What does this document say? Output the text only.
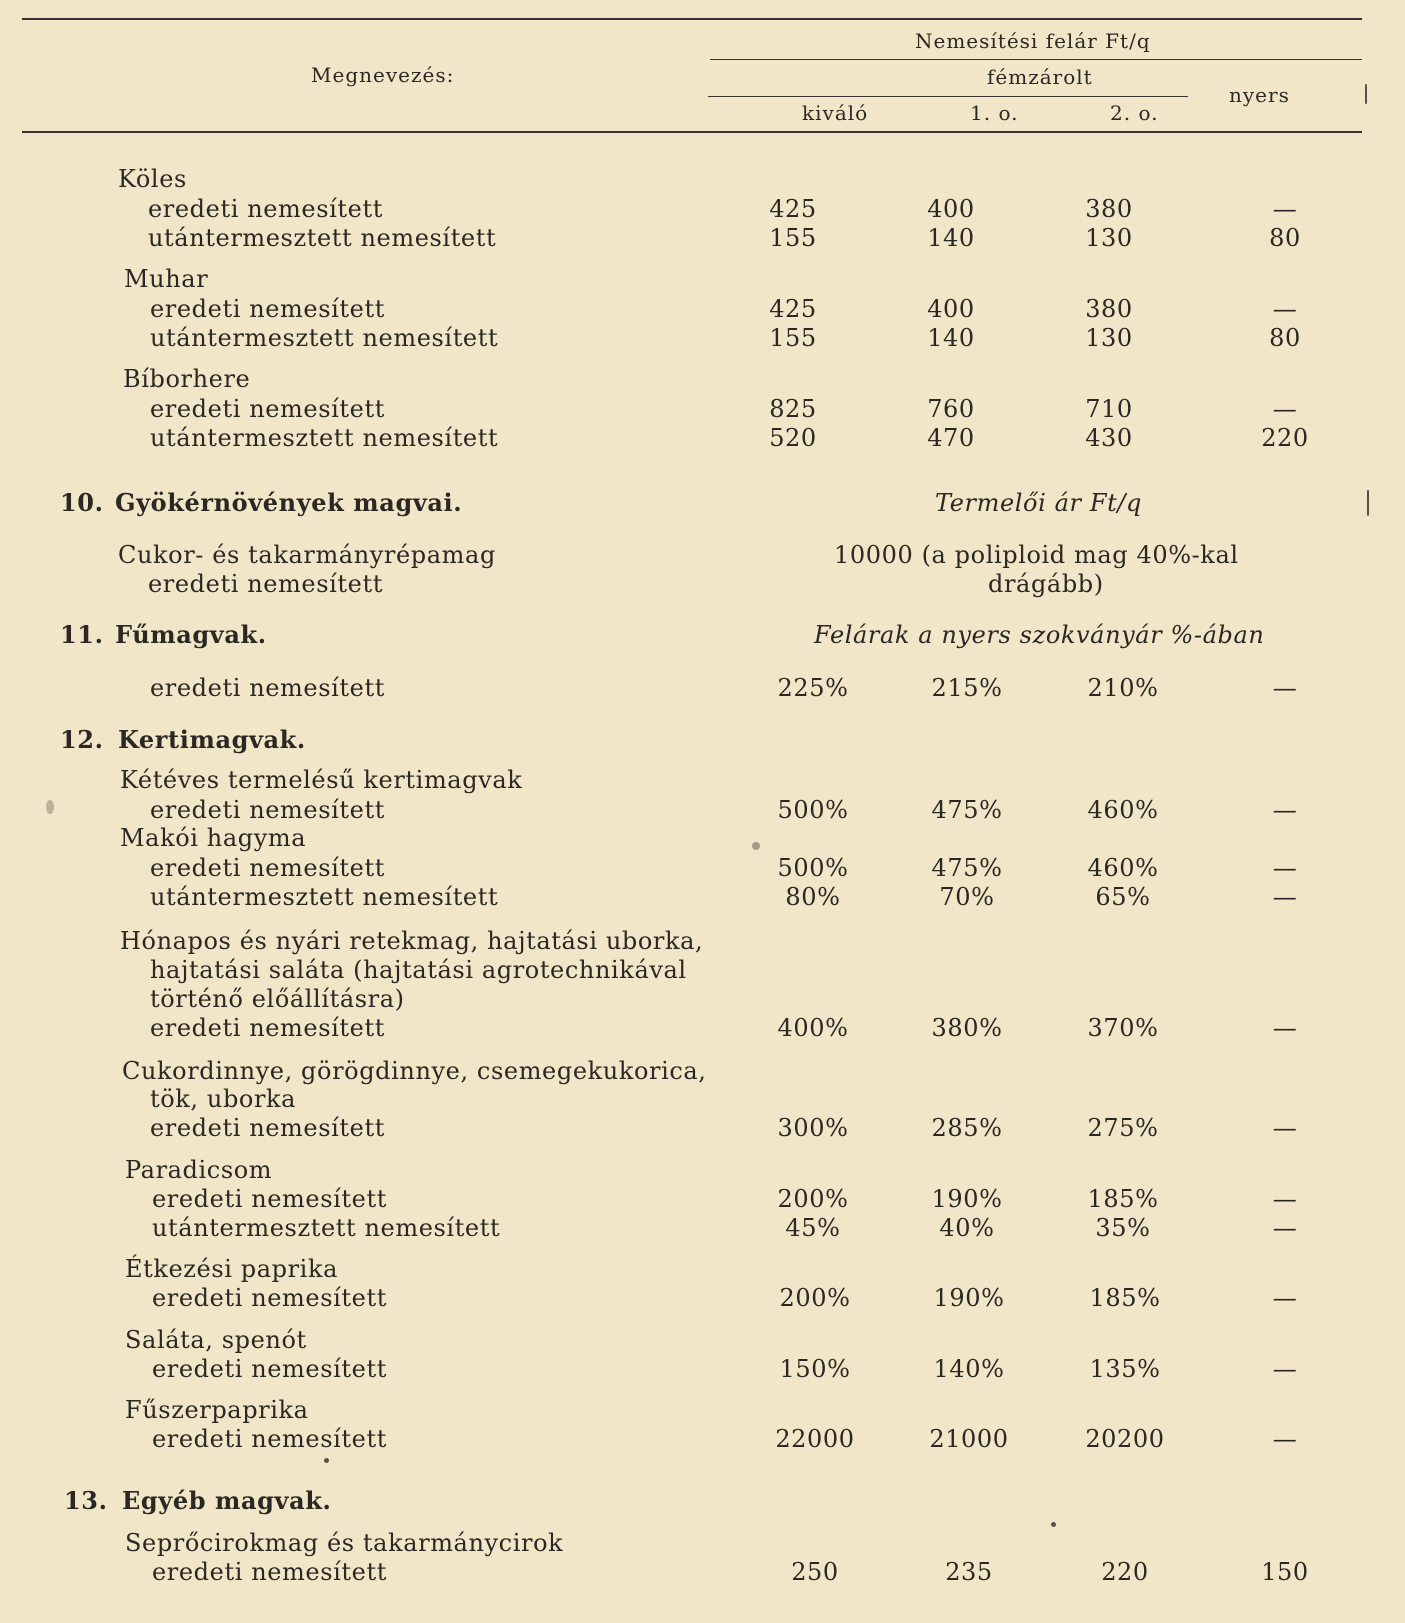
Megnevezés:
Nemesítési felár Ft/q
fémzárolt
kiváló	1. o.	2. o.
nyers
Köles
eredeti nemesített	425	400	380	—
utántermesztett nemesített	155	140	130	80
Muhar
eredeti nemesített	425	400	380	—
utántermesztett nemesített	155	140	130	80
Bíborhere
eredeti nemesített	825	760	710	—
utántermesztett nemesített	520	470	430	220
10. Gyökérnövények magvai.	Termelői ár Ft/q
Cukor- és takarmányrépamag
eredeti nemesített
10000 (a poliploid mag 40%-kal
drágább)
11. Fűmagvak.	Felárak a nyers szokványár %-ában
eredeti nemesített	225%	215%	210%	—
12. Kertimagvak.
Kétéves termelésű kertimagvak
eredeti nemesített	500%	475%	460%	—
Makói hagyma
eredeti nemesített	500%	475%	460%	—
utántermesztett nemesített	80%	70%	65%	—
Hónapos és nyári retekmag, hajtatási uborka,
hajtatási saláta (hajtatási agrotechnikával
történő előállításra)
eredeti nemesített	400%	380%	370%	—
Cukordinnye, görögdinnye, csemegekukorica,
tök, uborka
eredeti nemesített	300%	285%	275%	—
Paradicsom
eredeti nemesített	200%	190%	185%	—
utántermesztett nemesített	45%	40%	35%	—
Étkezési paprika
eredeti nemesített	200%	190%	185%	—
Saláta, spenót
eredeti nemesített	150%	140%	135%	—
Fűszerpaprika
eredeti nemesített	22000	21000	20200	—
13. Egyéb magvak.
Seprőcirokmag és takarmánycirok
eredeti nemesített	250	235	220	150
